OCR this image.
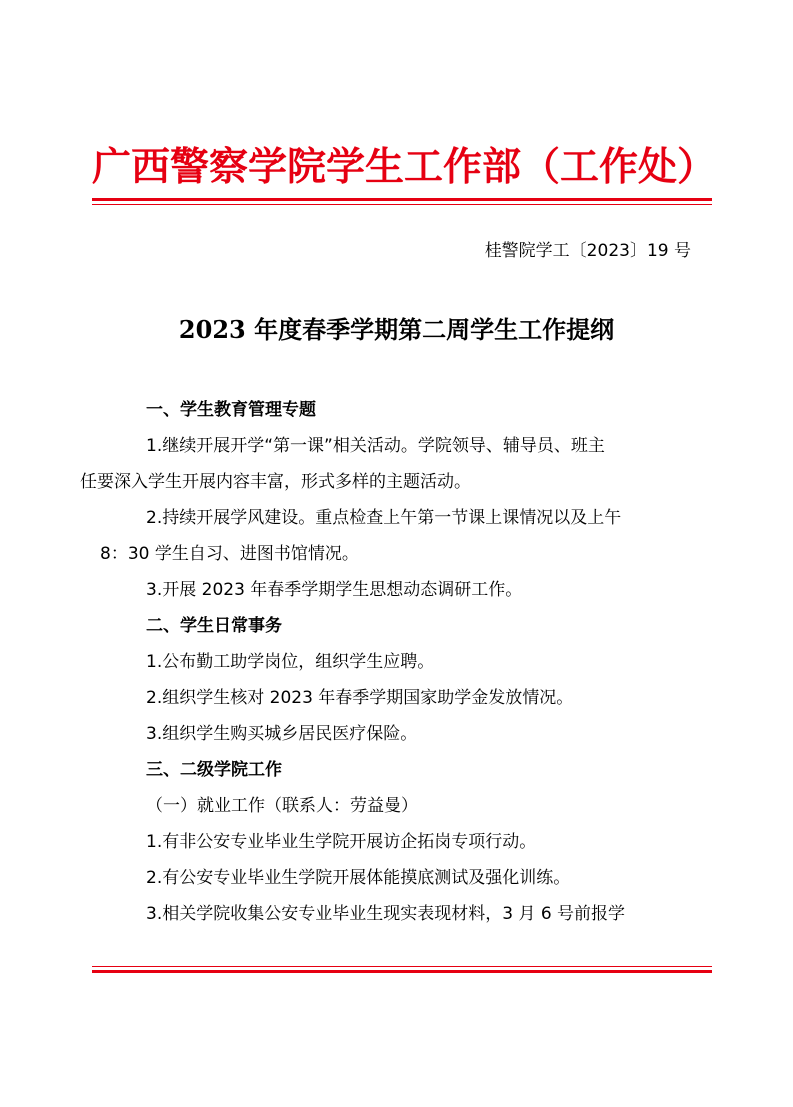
广西警察学院学生工作部（工作处）
桂警院学工〔2023〕19 号
2023 年度春季学期第二周学生工作提纲
一、学生教育管理专题
1.继续开展开学“第一课”相关活动。学院领导、辅导员、班主
任要深入学生开展内容丰富，形式多样的主题活动。
2.持续开展学风建设。重点检查上午第一节课上课情况以及上午
8：30 学生自习、进图书馆情况。
3.开展 2023 年春季学期学生思想动态调研工作。
二、学生日常事务
1.公布勤工助学岗位，组织学生应聘。
2.组织学生核对 2023 年春季学期国家助学金发放情况。
3.组织学生购买城乡居民医疗保险。
三、二级学院工作
（一）就业工作（联系人：劳益曼）
1.有非公安专业毕业生学院开展访企拓岗专项行动。
2.有公安专业毕业生学院开展体能摸底测试及强化训练。
3.相关学院收集公安专业毕业生现实表现材料，3 月 6 号前报学
